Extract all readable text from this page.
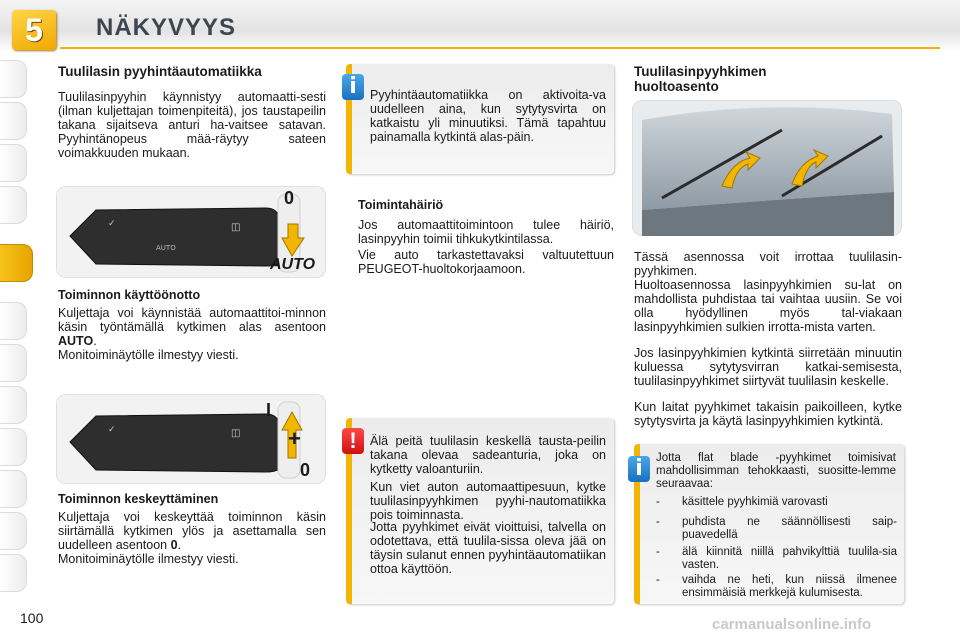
5	NÄKYVYYS
Tuulilasin pyyhintäautomatiikka
Tuulilasinpyyhin käynnistyy automaatti-sesti (ilman kuljettajan toimenpiteitä), jos taustapeilin takana sijaitseva anturi ha-vaitsee satavan. Pyyhintänopeus mää-räytyy sateen voimakkuuden mukaan.
✓
AUTO
◫
0
AUTO
Toiminnon käyttöönotto
Kuljettaja voi käynnistää automaattitoi-minnon käsin työntämällä kytkimen alas asentoon AUTO.
Monitoiminäytölle ilmestyy viesti.
✓	◫
I
+
0
Toiminnon keskeyttäminen
Kuljettaja voi keskeyttää toiminnon käsin siirtämällä kytkimen ylös ja asettamalla sen uudelleen asentoon 0.
Monitoiminäytölle ilmestyy viesti.
Pyyhintäautomatiikka on aktivoita-va uudelleen aina, kun sytytysvirta on katkaistu yli minuutiksi. Tämä tapahtuu painamalla kytkintä alas-päin.
i
Toimintahäiriö
Jos automaattitoimintoon tulee häiriö, lasinpyyhin toimii tihkukytkintilassa.
Vie auto tarkastettavaksi valtuutettuun PEUGEOT-huoltokorjaamoon.
Älä peitä tuulilasin keskellä tausta-peilin takana olevaa sadeanturia, joka on kytketty valoanturiin.
Kun viet auton automaattipesuun, kytke tuulilasinpyyhkimen pyyhi-nautomatiikka pois toiminnasta.
Jotta pyyhkimet eivät vioittuisi, talvella on odotettava, että tuulila-sissa oleva jää on täysin sulanut ennen pyyhintäautomatiikan ottoa käyttöön.
!
Tuulilasinpyyhkimen
huoltoasento
Tässä asennossa voit irrottaa tuulilasin-pyyhkimen.
Huoltoasennossa lasinpyyhkimien su-lat on mahdollista puhdistaa tai vaihtaa uusiin. Se voi olla hyödyllinen myös tal-viakaan lasinpyyhkimien sulkien irrotta-mista varten.
Jos lasinpyyhkimien kytkintä siirretään minuutin kuluessa sytytysvirran katkai-semisesta, tuulilasinpyyhkimet siirtyvät tuulilasin keskelle.
Kun laitat pyyhkimet takaisin paikoilleen, kytke sytytysvirta ja käytä lasinpyyhkimien kytkintä.
Jotta flat blade -pyyhkimet toimisivat mahdollisimman tehokkaasti, suositte-lemme seuraavaa:
- käsittele pyyhkimiä varovasti
- puhdista ne säännöllisesti saip-puavedellä
- älä kiinnitä niillä pahvikylttiä tuulila-sia vasten.
- vaihda ne heti, kun niissä ilmenee ensimmäisiä merkkejä kulumisesta.
i
100	carmanualsonline.info
